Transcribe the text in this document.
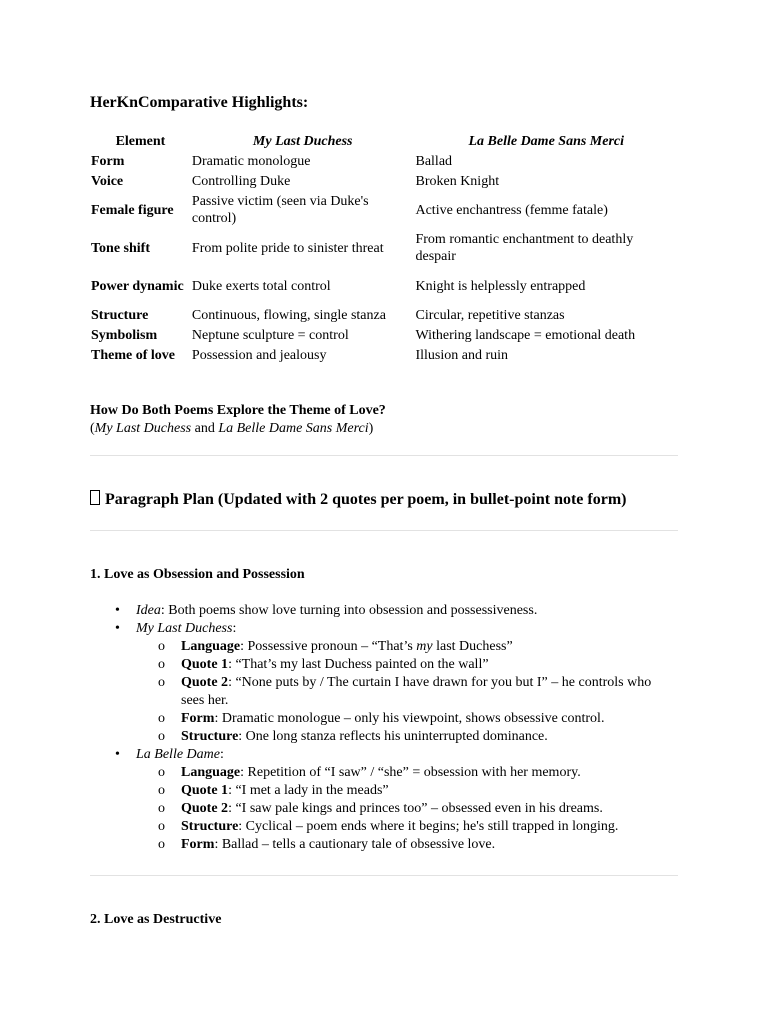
HerKnComparative Highlights:
Element	My Last Duchess	La Belle Dame Sans Merci
Form	Dramatic monologue	Ballad
Voice	Controlling Duke	Broken Knight
Female figure	Passive victim (seen via Duke's control)	Active enchantress (femme fatale)
Tone shift	From polite pride to sinister threat	From romantic enchantment to deathly despair
Power dynamic	Duke exerts total control	Knight is helplessly entrapped
Structure	Continuous, flowing, single stanza	Circular, repetitive stanzas
Symbolism	Neptune sculpture = control	Withering landscape = emotional death
Theme of love	Possession and jealousy	Illusion and ruin
How Do Both Poems Explore the Theme of Love?
(My Last Duchess and La Belle Dame Sans Merci)
Paragraph Plan (Updated with 2 quotes per poem, in bullet-point note form)
1. Love as Obsession and Possession
• Idea: Both poems show love turning into obsession and possessiveness.
• My Last Duchess:
o Language: Possessive pronoun – “That’s my last Duchess”
o Quote 1: “That’s my last Duchess painted on the wall”
o Quote 2: “None puts by / The curtain I have drawn for you but I” – he controls who sees her.
o Form: Dramatic monologue – only his viewpoint, shows obsessive control.
o Structure: One long stanza reflects his uninterrupted dominance.
• La Belle Dame:
o Language: Repetition of “I saw” / “she” = obsession with her memory.
o Quote 1: “I met a lady in the meads”
o Quote 2: “I saw pale kings and princes too” – obsessed even in his dreams.
o Structure: Cyclical – poem ends where it begins; he's still trapped in longing.
o Form: Ballad – tells a cautionary tale of obsessive love.
2. Love as Destructive
